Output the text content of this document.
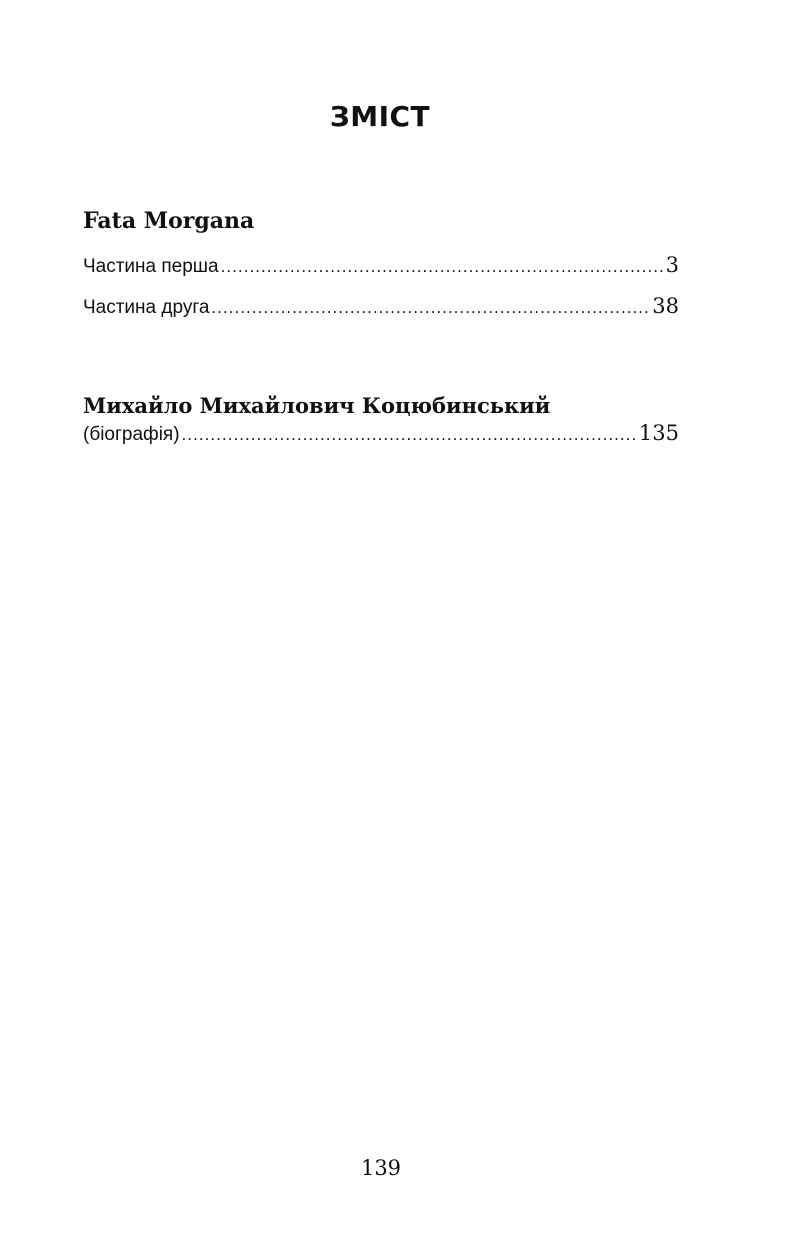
ЗМІСТ
Fata Morgana
Частина перша .....	3
Частина друга .....	38
Михайло Михайлович Коцюбинський
(біографія) .....	135
139
